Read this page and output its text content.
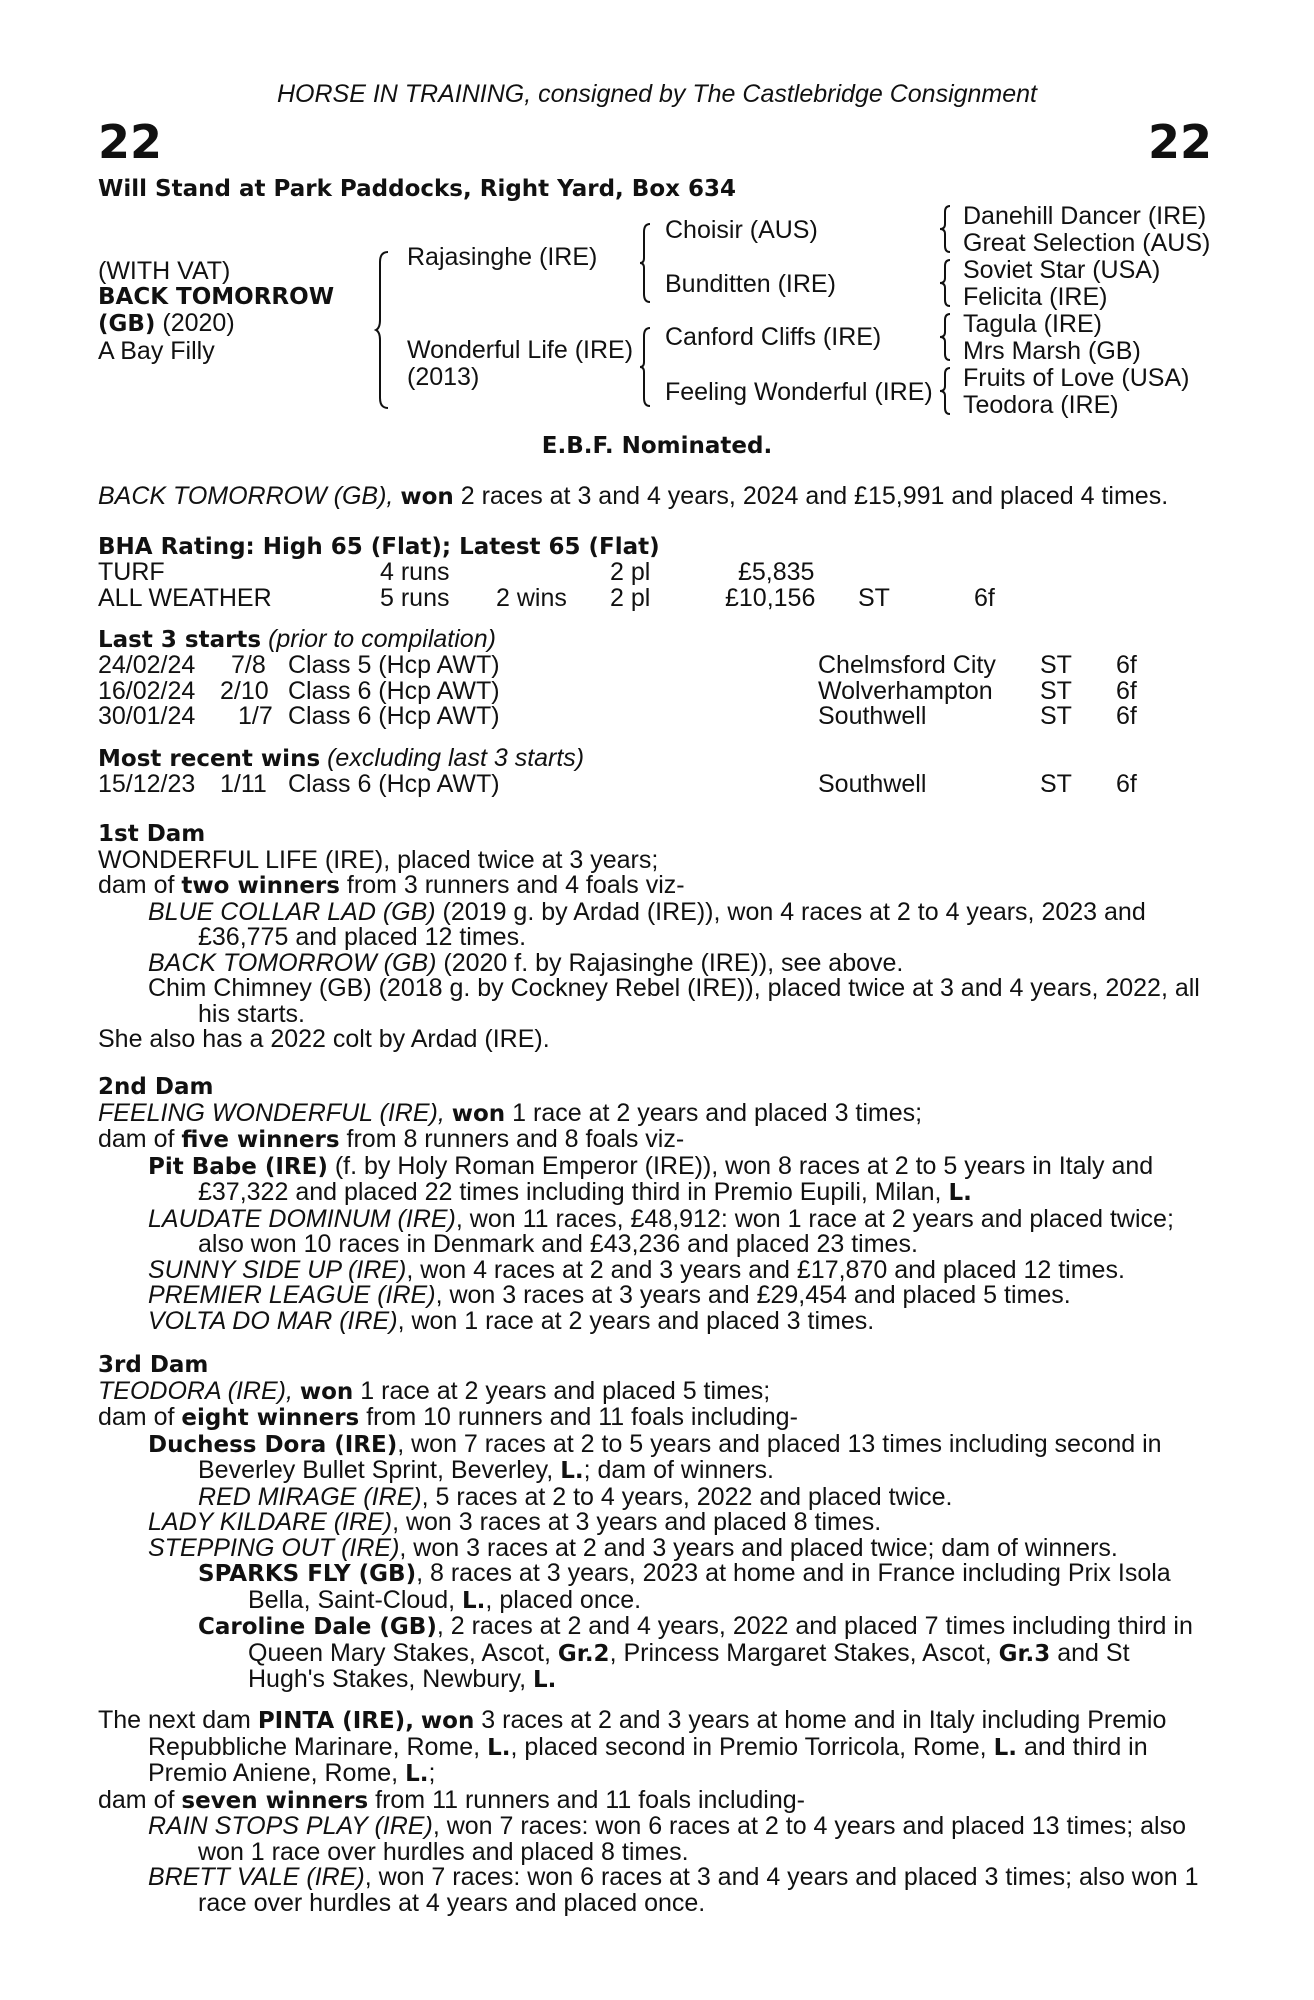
HORSE IN TRAINING, consigned by The Castlebridge Consignment
22	22
Will Stand at Park Paddocks, Right Yard, Box 634
(WITH VAT)
BACK TOMORROW
(GB) (2020)
A Bay Filly
Rajasinghe (IRE)
Wonderful Life (IRE)
(2013)
Choisir (AUS)
Bunditten (IRE)
Canford Cliffs (IRE)
Feeling Wonderful (IRE)
Danehill Dancer (IRE)
Great Selection (AUS)
Soviet Star (USA)
Felicita (IRE)
Tagula (IRE)
Mrs Marsh (GB)
Fruits of Love (USA)
Teodora (IRE)
E.B.F. Nominated.
BACK TOMORROW (GB), won 2 races at 3 and 4 years, 2024 and £15,991 and placed 4 times.
BHA Rating: High 65 (Flat); Latest 65 (Flat)
TURF	4 runs	2 pl	£5,835
ALL WEATHER	5 runs 2 wins 2 pl	£10,156 ST	6f
Last 3 starts (prior to compilation)
24/02/24 7/8 Class 5 (Hcp AWT)	Chelmsford City ST 6f
16/02/24 2/10 Class 6 (Hcp AWT)	Wolverhampton ST 6f
30/01/24 1/7 Class 6 (Hcp AWT)	Southwell	ST 6f
Most recent wins (excluding last 3 starts)
15/12/23 1/11 Class 6 (Hcp AWT)	Southwell	ST 6f
1st Dam
WONDERFUL LIFE (IRE), placed twice at 3 years;
dam of two winners from 3 runners and 4 foals viz-
BLUE COLLAR LAD (GB) (2019 g. by Ardad (IRE)), won 4 races at 2 to 4 years, 2023 and £36,775 and placed 12 times.
BACK TOMORROW (GB) (2020 f. by Rajasinghe (IRE)), see above.
Chim Chimney (GB) (2018 g. by Cockney Rebel (IRE)), placed twice at 3 and 4 years, 2022, all his starts.
She also has a 2022 colt by Ardad (IRE).
2nd Dam
FEELING WONDERFUL (IRE), won 1 race at 2 years and placed 3 times;
dam of five winners from 8 runners and 8 foals viz-
Pit Babe (IRE) (f. by Holy Roman Emperor (IRE)), won 8 races at 2 to 5 years in Italy and £37,322 and placed 22 times including third in Premio Eupili, Milan, L.
LAUDATE DOMINUM (IRE), won 11 races, £48,912: won 1 race at 2 years and placed twice; also won 10 races in Denmark and £43,236 and placed 23 times.
SUNNY SIDE UP (IRE), won 4 races at 2 and 3 years and £17,870 and placed 12 times.
PREMIER LEAGUE (IRE), won 3 races at 3 years and £29,454 and placed 5 times.
VOLTA DO MAR (IRE), won 1 race at 2 years and placed 3 times.
3rd Dam
TEODORA (IRE), won 1 race at 2 years and placed 5 times;
dam of eight winners from 10 runners and 11 foals including-
Duchess Dora (IRE), won 7 races at 2 to 5 years and placed 13 times including second in Beverley Bullet Sprint, Beverley, L.; dam of winners.
RED MIRAGE (IRE), 5 races at 2 to 4 years, 2022 and placed twice.
LADY KILDARE (IRE), won 3 races at 3 years and placed 8 times.
STEPPING OUT (IRE), won 3 races at 2 and 3 years and placed twice; dam of winners.
SPARKS FLY (GB), 8 races at 3 years, 2023 at home and in France including Prix Isola Bella, Saint-Cloud, L., placed once.
Caroline Dale (GB), 2 races at 2 and 4 years, 2022 and placed 7 times including third in Queen Mary Stakes, Ascot, Gr.2, Princess Margaret Stakes, Ascot, Gr.3 and St Hugh's Stakes, Newbury, L.
The next dam PINTA (IRE), won 3 races at 2 and 3 years at home and in Italy including Premio Repubbliche Marinare, Rome, L., placed second in Premio Torricola, Rome, L. and third in Premio Aniene, Rome, L.;
dam of seven winners from 11 runners and 11 foals including-
RAIN STOPS PLAY (IRE), won 7 races: won 6 races at 2 to 4 years and placed 13 times; also won 1 race over hurdles and placed 8 times.
BRETT VALE (IRE), won 7 races: won 6 races at 3 and 4 years and placed 3 times; also won 1 race over hurdles at 4 years and placed once.
